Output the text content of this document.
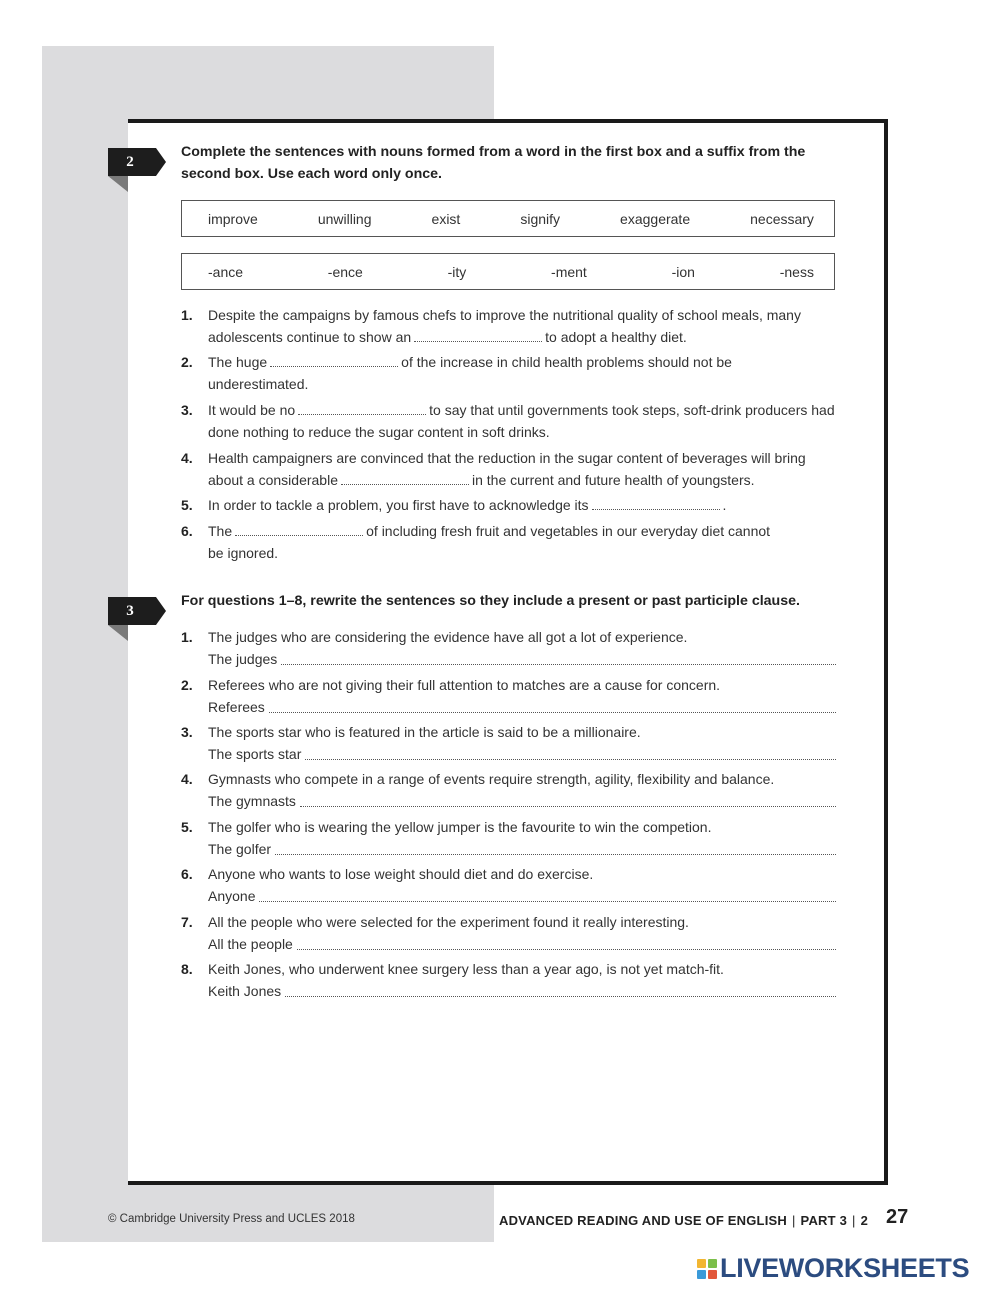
2
Complete the sentences with nouns formed from a word in the first box and a suffix from the second box. Use each word only once.
improve	unwilling	exist	signify	exaggerate	necessary
-ance	-ence	-ity	-ment	-ion	-ness
1. Despite the campaigns by famous chefs to improve the nutritional quality of school meals, many adolescents continue to show an	to adopt a healthy diet.
2. The huge	of the increase in child health problems should not be underestimated.
3. It would be no	to say that until governments took steps, soft-drink producers had done nothing to reduce the sugar content in soft drinks.
4. Health campaigners are convinced that the reduction in the sugar content of beverages will bring about a considerable	in the current and future health of youngsters.
5. In order to tackle a problem, you first have to acknowledge its	.
6. The	of including fresh fruit and vegetables in our everyday diet cannot be ignored.
3
For questions 1–8, rewrite the sentences so they include a present or past participle clause.
1. The judges who are considering the evidence have all got a lot of experience.
The judges
2. Referees who are not giving their full attention to matches are a cause for concern.
Referees
3. The sports star who is featured in the article is said to be a millionaire.
The sports star
4. Gymnasts who compete in a range of events require strength, agility, flexibility and balance.
The gymnasts
5. The golfer who is wearing the yellow jumper is the favourite to win the competion.
The golfer
6. Anyone who wants to lose weight should diet and do exercise.
Anyone
7. All the people who were selected for the experiment found it really interesting.
All the people
8. Keith Jones, who underwent knee surgery less than a year ago, is not yet match-fit.
Keith Jones
© Cambridge University Press and UCLES 2018	ADVANCED READING AND USE OF ENGLISH | PART 3 | 2 27
LIVEWORKSHEETS
